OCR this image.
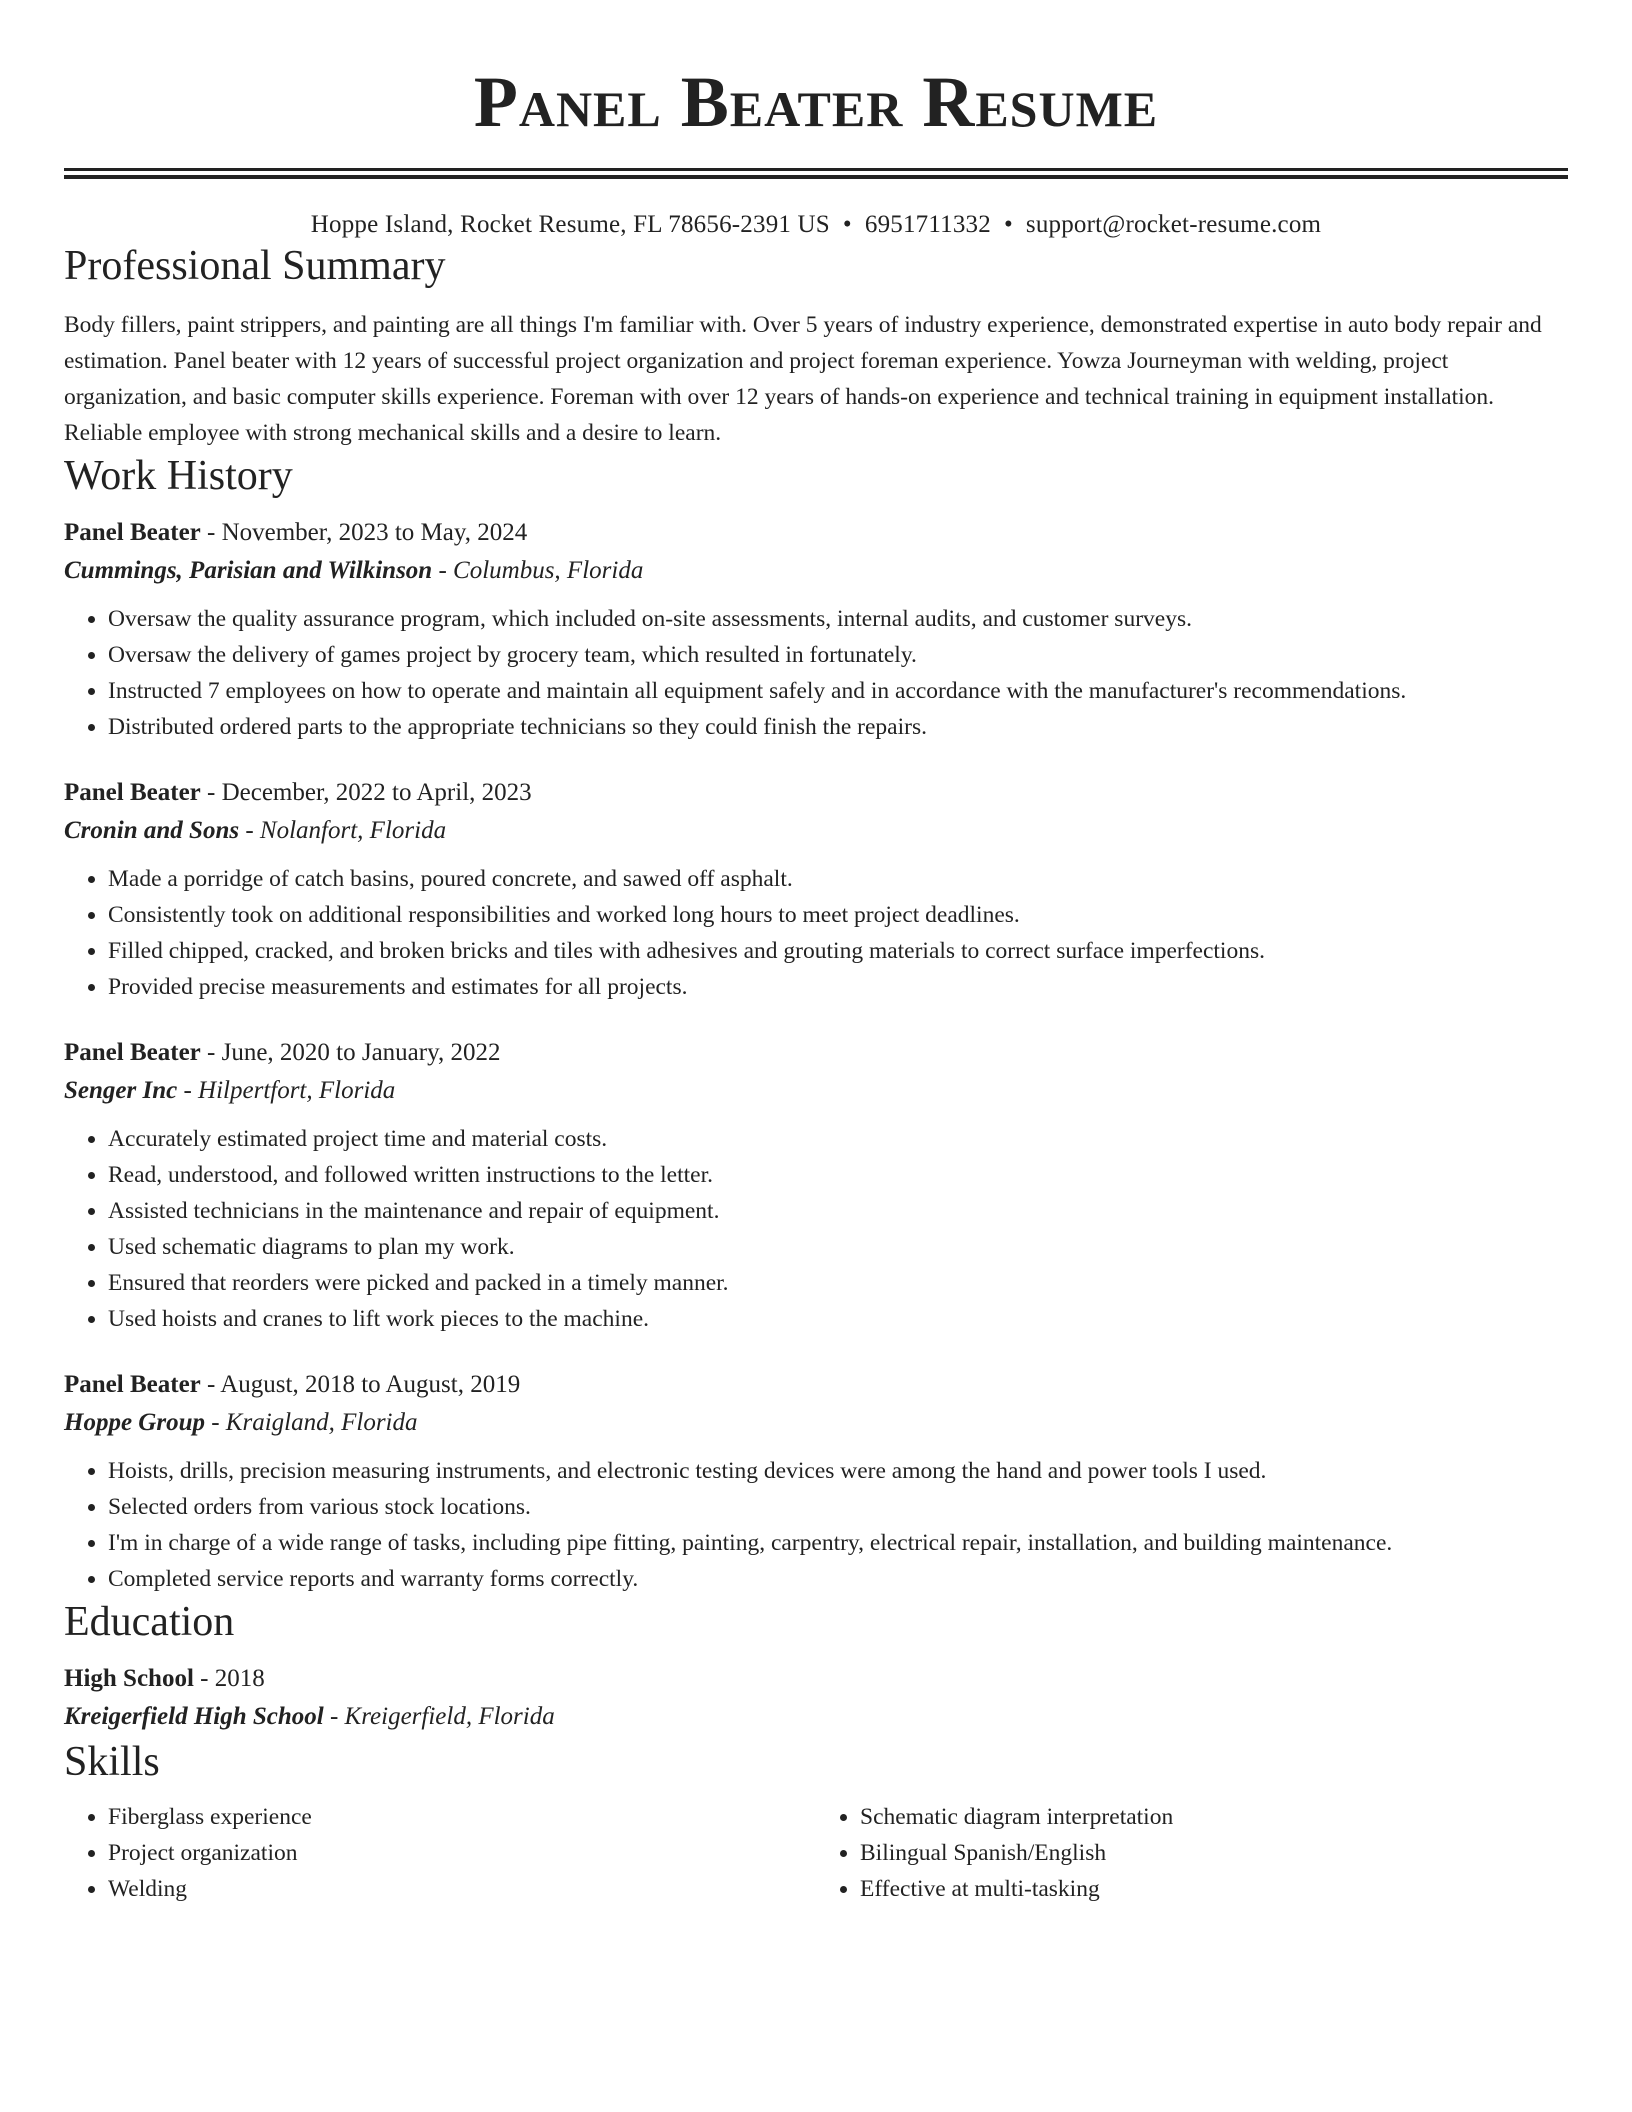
Panel Beater Resume
Hoppe Island, Rocket Resume, FL 78656-2391 US • 6951711332 • support@rocket-resume.com
Professional Summary
Body fillers, paint strippers, and painting are all things I'm familiar with. Over 5 years of industry experience, demonstrated expertise in auto body repair and estimation. Panel beater with 12 years of successful project organization and project foreman experience. Yowza Journeyman with welding, project organization, and basic computer skills experience. Foreman with over 12 years of hands-on experience and technical training in equipment installation. Reliable employee with strong mechanical skills and a desire to learn.
Work History
Panel Beater - November, 2023 to May, 2024
Cummings, Parisian and Wilkinson - Columbus, Florida
• Oversaw the quality assurance program, which included on-site assessments, internal audits, and customer surveys.
• Oversaw the delivery of games project by grocery team, which resulted in fortunately.
• Instructed 7 employees on how to operate and maintain all equipment safely and in accordance with the manufacturer's recommendations.
• Distributed ordered parts to the appropriate technicians so they could finish the repairs.
Panel Beater - December, 2022 to April, 2023
Cronin and Sons - Nolanfort, Florida
• Made a porridge of catch basins, poured concrete, and sawed off asphalt.
• Consistently took on additional responsibilities and worked long hours to meet project deadlines.
• Filled chipped, cracked, and broken bricks and tiles with adhesives and grouting materials to correct surface imperfections.
• Provided precise measurements and estimates for all projects.
Panel Beater - June, 2020 to January, 2022
Senger Inc - Hilpertfort, Florida
• Accurately estimated project time and material costs.
• Read, understood, and followed written instructions to the letter.
• Assisted technicians in the maintenance and repair of equipment.
• Used schematic diagrams to plan my work.
• Ensured that reorders were picked and packed in a timely manner.
• Used hoists and cranes to lift work pieces to the machine.
Panel Beater - August, 2018 to August, 2019
Hoppe Group - Kraigland, Florida
• Hoists, drills, precision measuring instruments, and electronic testing devices were among the hand and power tools I used.
• Selected orders from various stock locations.
• I'm in charge of a wide range of tasks, including pipe fitting, painting, carpentry, electrical repair, installation, and building maintenance.
• Completed service reports and warranty forms correctly.
Education
High School - 2018
Kreigerfield High School - Kreigerfield, Florida
Skills
• Fiberglass experience
• Project organization
• Welding
• Schematic diagram interpretation
• Bilingual Spanish/English
• Effective at multi-tasking
